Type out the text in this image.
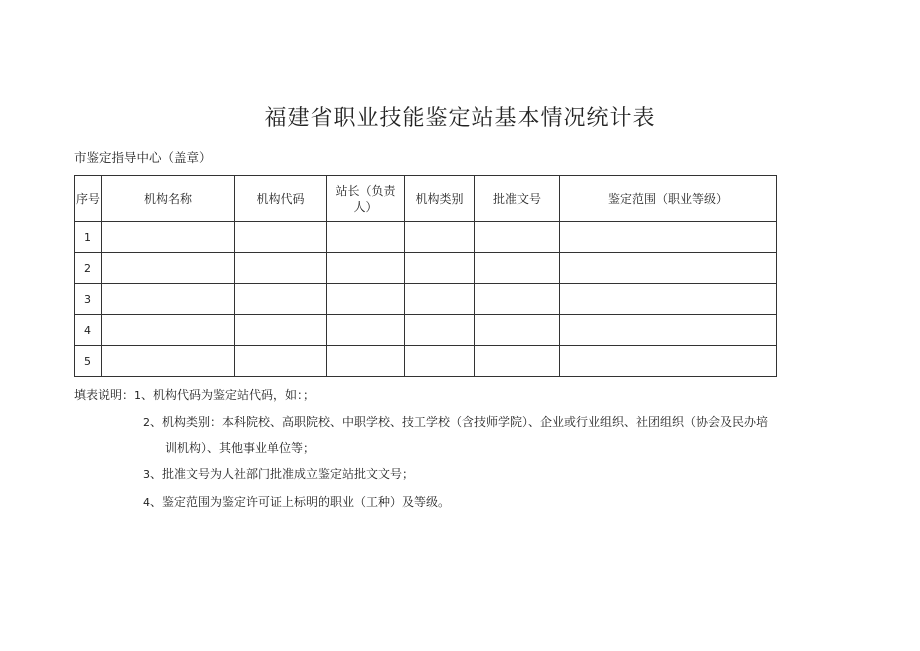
福建省职业技能鉴定站基本情况统计表
市鉴定指导中心（盖章）
序号	机构名称	机构代码	站长（负责人）	机构类别	批准文号	鉴定范围（职业等级）
1						
2						
3						
4						
5						
填表说明：1、机构代码为鉴定站代码，如：；
2、机构类别：本科院校、高职院校、中职学校、技工学校（含技师学院）、企业或行业组织、社团组织（协会及民办培
训机构）、其他事业单位等；
3、批准文号为人社部门批准成立鉴定站批文文号；
4、鉴定范围为鉴定许可证上标明的职业（工种）及等级。
